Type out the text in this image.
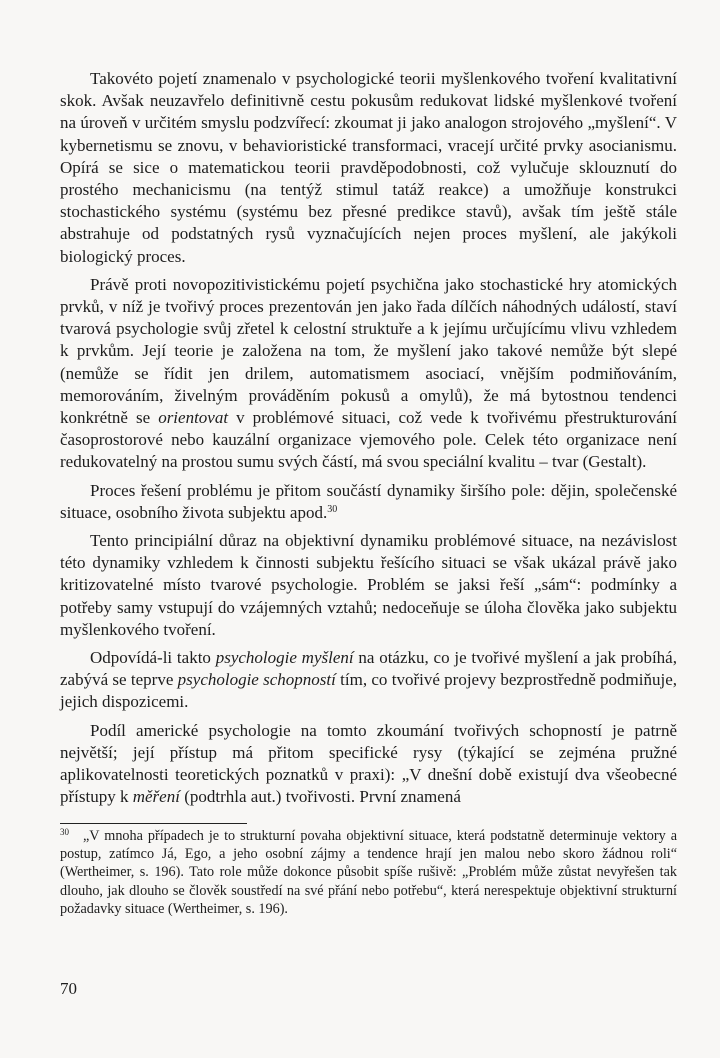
Takovéto pojetí znamenalo v psychologické teorii myšlenkového tvoření kvalitativní skok. Avšak neuzavřelo definitivně cestu pokusům redukovat lidské myšlenkové tvoření na úroveň v určitém smyslu podzvířecí: zkoumat ji jako analogon strojového „myšlení“. V kybernetismu se znovu, v behavioristické transformaci, vracejí určité prvky asocianismu. Opírá se sice o matematickou teorii pravděpodobnosti, což vylučuje sklouznutí do prostého mechanicismu (na tentýž stimul tatáž reakce) a umožňuje konstrukci stochastického systému (systému bez přesné predikce stavů), avšak tím ještě stále abstrahuje od podstatných rysů vyznačujících nejen proces myšlení, ale jakýkoli biologický proces.

Právě proti novopozitivistickému pojetí psychična jako stochastické hry atomických prvků, v níž je tvořivý proces prezentován jen jako řada dílčích náhodných událostí, staví tvarová psychologie svůj zřetel k celostní struktuře a k jejímu určujícímu vlivu vzhledem k prvkům. Její teorie je založena na tom, že myšlení jako takové nemůže být slepé (nemůže se řídit jen drilem, automatismem asociací, vnějším podmiňováním, memorováním, živelným prováděním pokusů a omylů), že má bytostnou tendenci konkrétně se orientovat v problémové situaci, což vede k tvořivému přestrukturování časoprostorové nebo kauzální organizace vjemového pole. Celek této organizace není redukovatelný na prostou sumu svých částí, má svou speciální kvalitu – tvar (Gestalt).

Proces řešení problému je přitom součástí dynamiky širšího pole: dějin, společenské situace, osobního života subjektu apod.$^{30}$

Tento principiální důraz na objektivní dynamiku problémové situace, na nezávislost této dynamiky vzhledem k činnosti subjektu řešícího situaci se však ukázal právě jako kritizovatelné místo tvarové psychologie. Problém se jaksi řeší „sám“: podmínky a potřeby samy vstupují do vzájemných vztahů; nedoceňuje se úloha člověka jako subjektu myšlenkového tvoření.

Odpovídá-li takto psychologie myšlení na otázku, co je tvořivé myšlení a jak probíhá, zabývá se teprve psychologie schopností tím, co tvořivé projevy bezprostředně podmiňuje, jejich dispozicemi.

Podíl americké psychologie na tomto zkoumání tvořivých schopností je patrně největší; její přístup má přitom specifické rysy (týkající se zejména pružné aplikovatelnosti teoretických poznatků v praxi): „V dnešní době existují dva všeobecné přístupy k měření (podtrhla aut.) tvořivosti. První znamená

$^{30}$ „V mnoha případech je to strukturní povaha objektivní situace, která podstatně determinuje vektory a postup, zatímco Já, Ego, a jeho osobní zájmy a tendence hrají jen malou nebo skoro žádnou roli“ (Wertheimer, s. 196). Tato role může dokonce působit spíše rušivě: „Problém může zůstat nevyřešen tak dlouho, jak dlouho se člověk soustředí na své přání nebo potřebu“, která nerespektuje objektivní strukturní požadavky situace (Wertheimer, s. 196).
70
